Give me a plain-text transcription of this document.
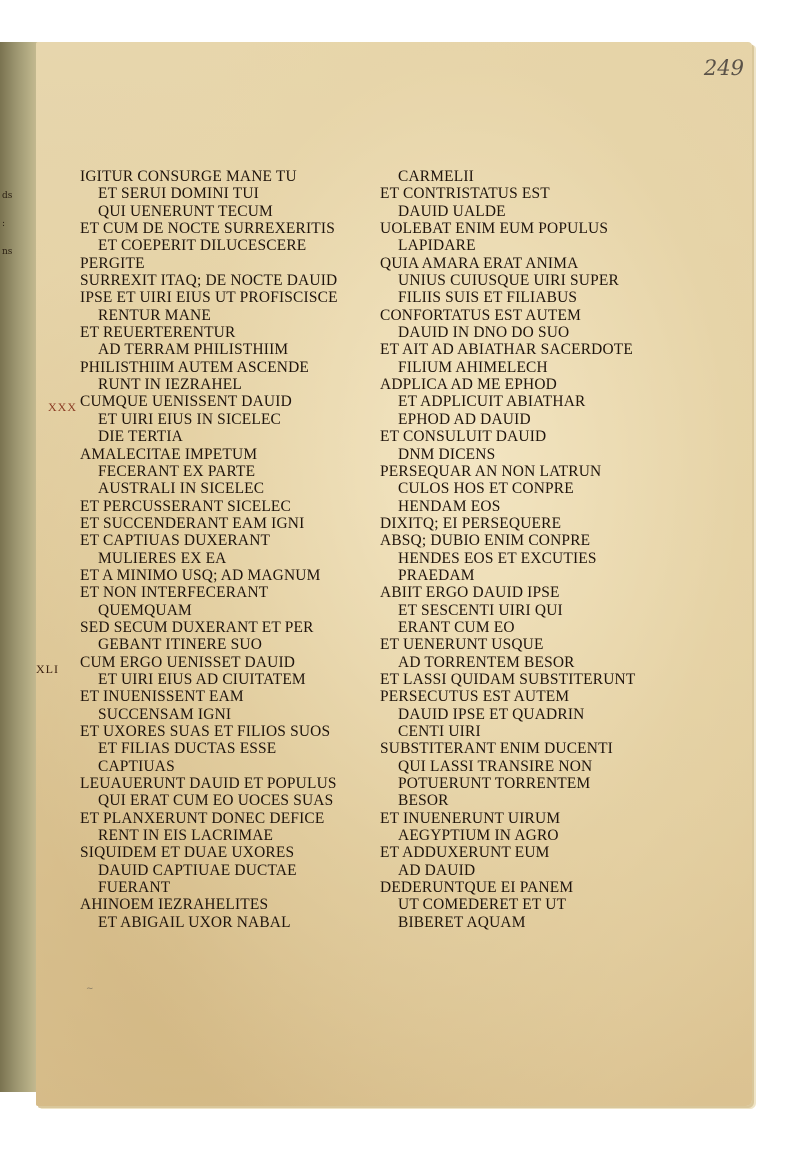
ds
:
ns
249
XXX
XLI
IGITUR CONSURGE MANE TU
ET SERUI DOMINI TUI
QUI UENERUNT TECUM
ET CUM DE NOCTE SURREXERITIS
ET COEPERIT DILUCESCERE
PERGITE
SURREXIT ITAQ; DE NOCTE DAUID
IPSE ET UIRI EIUS UT PROFISCISCE
RENTUR MANE
ET REUERTERENTUR
AD TERRAM PHILISTHIIM
PHILISTHIIM AUTEM ASCENDE
RUNT IN IEZRAHEL
CUMQUE UENISSENT DAUID
ET UIRI EIUS IN SICELEC
DIE TERTIA
AMALECITAE IMPETUM
FECERANT EX PARTE
AUSTRALI IN SICELEC
ET PERCUSSERANT SICELEC
ET SUCCENDERANT EAM IGNI
ET CAPTIUAS DUXERANT
MULIERES EX EA
ET A MINIMO USQ; AD MAGNUM
ET NON INTERFECERANT
QUEMQUAM
SED SECUM DUXERANT ET PER
GEBANT ITINERE SUO
CUM ERGO UENISSET DAUID
ET UIRI EIUS AD CIUITATEM
ET INUENISSENT EAM
SUCCENSAM IGNI
ET UXORES SUAS ET FILIOS SUOS
ET FILIAS DUCTAS ESSE
CAPTIUAS
LEUAUERUNT DAUID ET POPULUS
QUI ERAT CUM EO UOCES SUAS
ET PLANXERUNT DONEC DEFICE
RENT IN EIS LACRIMAE
SIQUIDEM ET DUAE UXORES
DAUID CAPTIUAE DUCTAE
FUERANT
AHINOEM IEZRAHELITES
ET ABIGAIL UXOR NABAL
CARMELII
ET CONTRISTATUS EST
DAUID UALDE
UOLEBAT ENIM EUM POPULUS
LAPIDARE
QUIA AMARA ERAT ANIMA
UNIUS CUIUSQUE UIRI SUPER
FILIIS SUIS ET FILIABUS
CONFORTATUS EST AUTEM
DAUID IN DNO DO SUO
ET AIT AD ABIATHAR SACERDOTE
FILIUM AHIMELECH
ADPLICA AD ME EPHOD
ET ADPLICUIT ABIATHAR
EPHOD AD DAUID
ET CONSULUIT DAUID
DNM DICENS
PERSEQUAR AN NON LATRUN
CULOS HOS ET CONPRE
HENDAM EOS
DIXITQ; EI PERSEQUERE
ABSQ; DUBIO ENIM CONPRE
HENDES EOS ET EXCUTIES
PRAEDAM
ABIIT ERGO DAUID IPSE
ET SESCENTI UIRI QUI
ERANT CUM EO
ET UENERUNT USQUE
AD TORRENTEM BESOR
ET LASSI QUIDAM SUBSTITERUNT
PERSECUTUS EST AUTEM
DAUID IPSE ET QUADRIN
CENTI UIRI
SUBSTITERANT ENIM DUCENTI
QUI LASSI TRANSIRE NON
POTUERUNT TORRENTEM
BESOR
ET INUENERUNT UIRUM
AEGYPTIUM IN AGRO
ET ADDUXERUNT EUM
AD DAUID
DEDERUNTQUE EI PANEM
UT COMEDERET ET UT
BIBERET AQUAM
~
